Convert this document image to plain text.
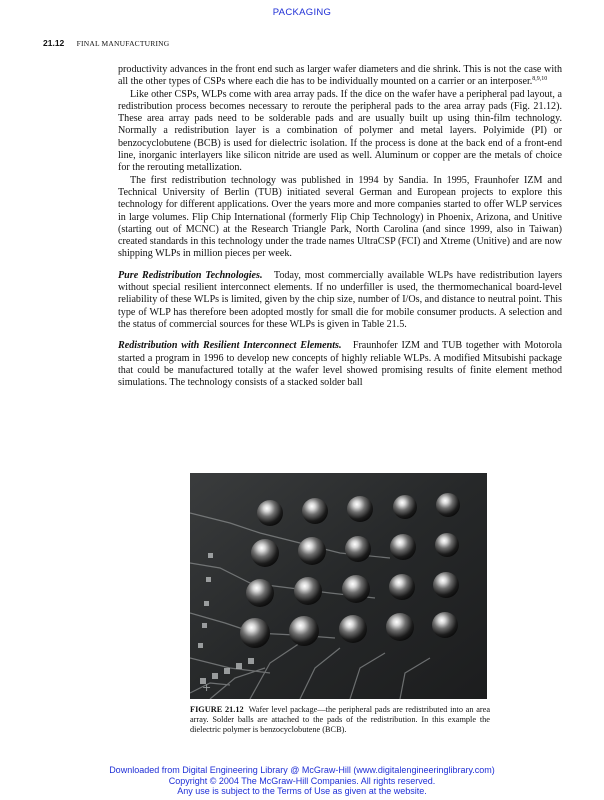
PACKAGING
21.12 FINAL MANUFACTURING

productivity advances in the front end such as larger wafer diameters and die shrink. This is not the case with all the other types of CSPs where each die has to be individually mounted on a carrier or an interposer.$^{8,9,10}$

Like other CSPs, WLPs come with area array pads. If the dice on the wafer have a peripheral pad layout, a redistribution process becomes necessary to reroute the peripheral pads to the area array pads (Fig. 21.12). These area array pads need to be solderable pads and are usually built up using thin-film technology. Normally a redistribution layer is a combination of polymer and metal layers. Polyimide (PI) or benzocyclobutene (BCB) is used for dielectric isolation. If the process is done at the back end of a front-end line, inorganic interlayers like silicon nitride are used as well. Aluminum or copper are the metals of choice for the rerouting metallization.

The first redistribution technology was published in 1994 by Sandia. In 1995, Fraunhofer IZM and Technical University of Berlin (TUB) initiated several German and European projects to explore this technology for different applications. Over the years more and more companies started to offer WLP services in large volumes. Flip Chip International (formerly Flip Chip Technology) in Phoenix, Arizona, and Unitive (starting out of MCNC) at the Research Triangle Park, North Carolina (and since 1999, also in Taiwan) created standards in this technology under the trade names UltraCSP (FCI) and Xtreme (Unitive) and are now shipping WLPs in million pieces per week.

Pure Redistribution Technologies. Today, most commercially available WLPs have redistribution layers without special resilient interconnect elements. If no underfiller is used, the thermomechanical board-level reliability of these WLPs is limited, given by the chip size, number of I/Os, and distance to neutral point. This type of WLP has therefore been adopted mostly for small die for mobile consumer products. A selection and the status of commercial sources for these WLPs is given in Table 21.5.

Redistribution with Resilient Interconnect Elements. Fraunhofer IZM and TUB together with Motorola started a program in 1996 to develop new concepts of highly reliable WLPs. A modified Mitsubishi package that could be manufactured totally at the wafer level showed promising results of finite element method simulations. The technology consists of a stacked solder ball

+
FIGURE 21.12 Wafer level package—the peripheral pads are redistributed into an area array. Solder balls are attached to the pads of the redistribution. In this example the dielectric polymer is benzocyclobutene (BCB).
Downloaded from Digital Engineering Library @ McGraw-Hill (www.digitalengineeringlibrary.com)
Copyright © 2004 The McGraw-Hill Companies. All rights reserved.
Any use is subject to the Terms of Use as given at the website.
